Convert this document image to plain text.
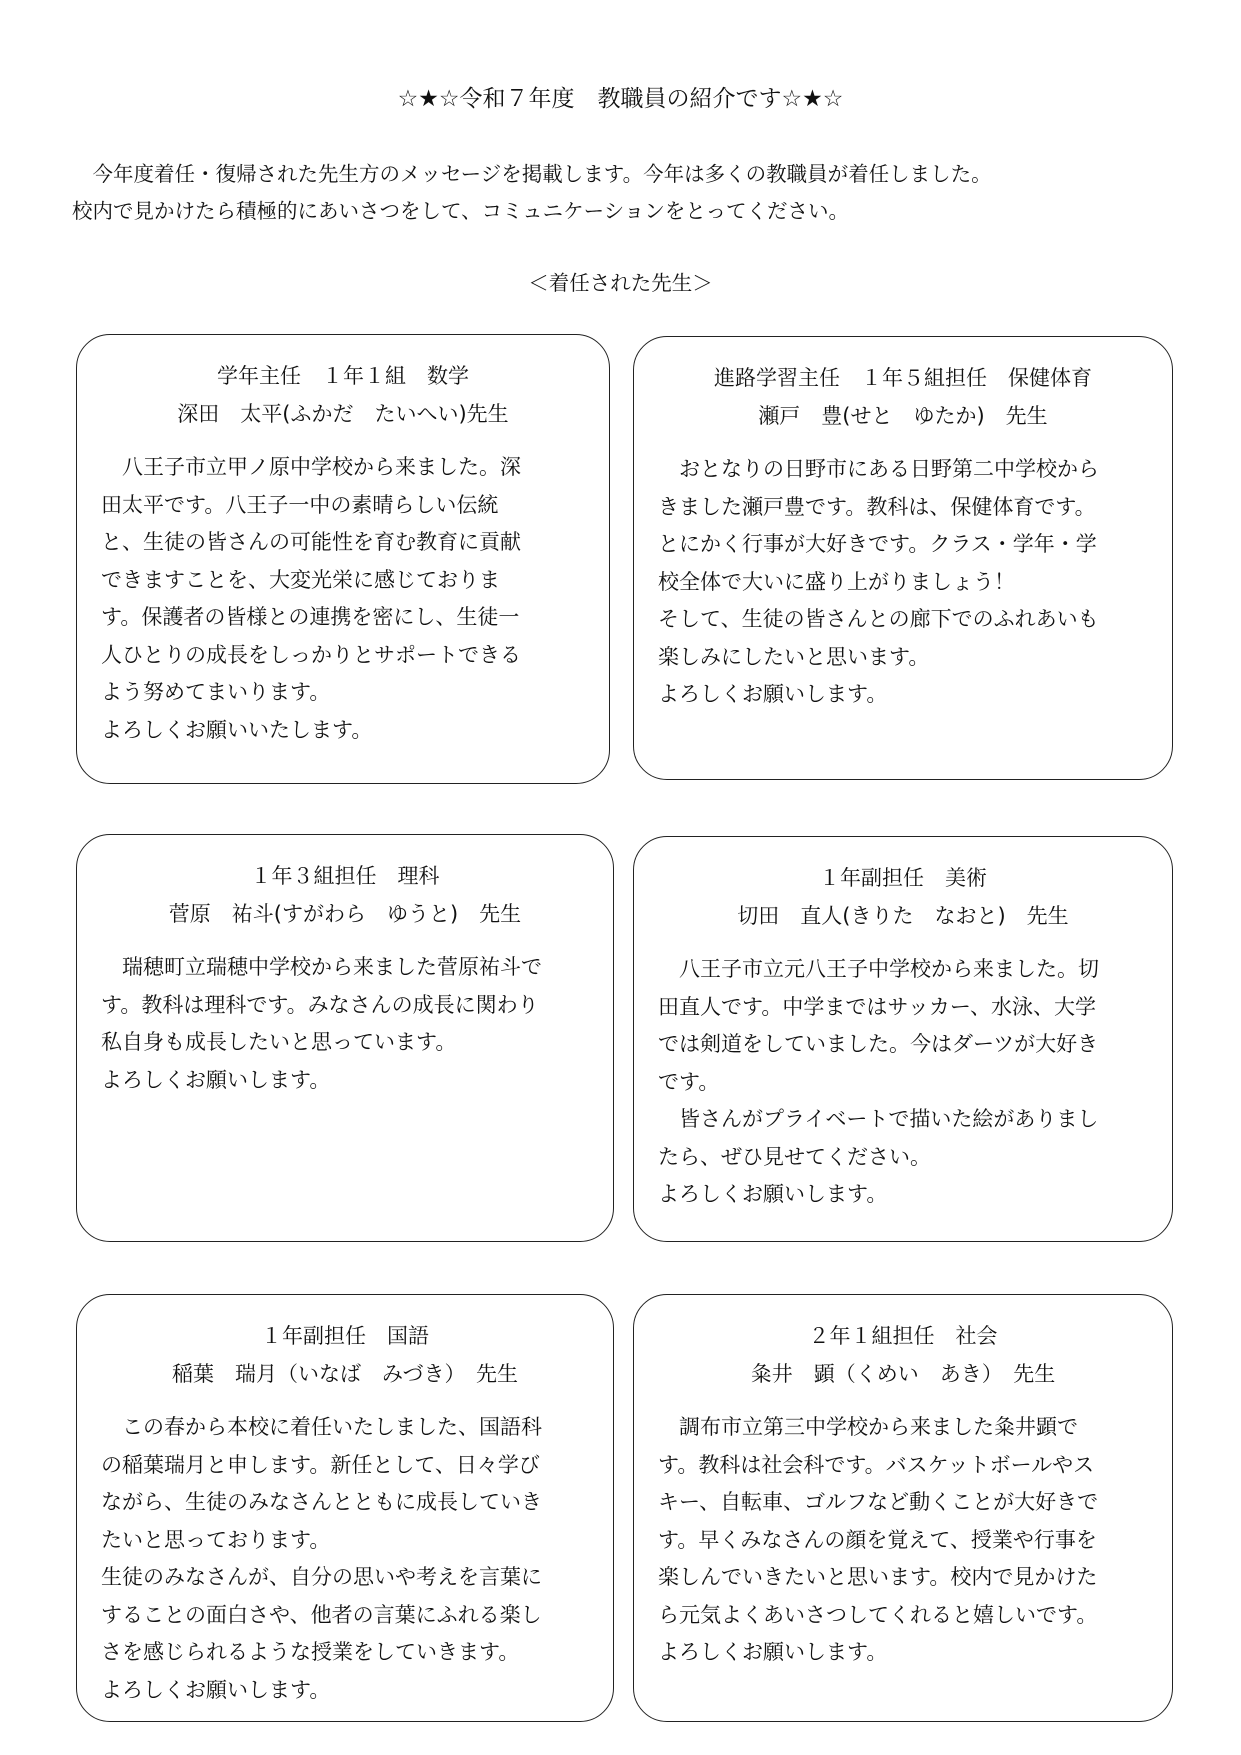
☆★☆令和７年度　教職員の紹介です☆★☆
　今年度着任・復帰された先生方のメッセージを掲載します。今年は多くの教職員が着任しました。
校内で見かけたら積極的にあいさつをして、コミュニケーションをとってください。
＜着任された先生＞
学年主任　１年１組　数学
深田　太平(ふかだ　たいへい)先生
　八王子市立甲ノ原中学校から来ました。深
田太平です。八王子一中の素晴らしい伝統
と、生徒の皆さんの可能性を育む教育に貢献
できますことを、大変光栄に感じておりま
す。保護者の皆様との連携を密にし、生徒一
人ひとりの成長をしっかりとサポートできる
よう努めてまいります。
よろしくお願いいたします。
進路学習主任　１年５組担任　保健体育
瀬戸　豊(せと　ゆたか)　先生
　おとなりの日野市にある日野第二中学校から
きました瀬戸豊です。教科は、保健体育です。
とにかく行事が大好きです。クラス・学年・学
校全体で大いに盛り上がりましょう！
そして、生徒の皆さんとの廊下でのふれあいも
楽しみにしたいと思います。
よろしくお願いします。
１年３組担任　理科
菅原　祐斗(すがわら　ゆうと)　先生
　瑞穂町立瑞穂中学校から来ました菅原祐斗で
す。教科は理科です。みなさんの成長に関わり
私自身も成長したいと思っています。
よろしくお願いします。
１年副担任　美術
切田　直人(きりた　なおと)　先生
　八王子市立元八王子中学校から来ました。切
田直人です。中学まではサッカー、水泳、大学
では剣道をしていました。今はダーツが大好き
です。
　皆さんがプライベートで描いた絵がありまし
たら、ぜひ見せてください。
よろしくお願いします。
１年副担任　国語
稲葉　瑞月（いなば　みづき）　先生
　この春から本校に着任いたしました、国語科
の稲葉瑞月と申します。新任として、日々学び
ながら、生徒のみなさんとともに成長していき
たいと思っております。
生徒のみなさんが、自分の思いや考えを言葉に
することの面白さや、他者の言葉にふれる楽し
さを感じられるような授業をしていきます。
よろしくお願いします。
２年１組担任　社会
粂井　顕（くめい　あき）　先生
　調布市立第三中学校から来ました粂井顕で
す。教科は社会科です。バスケットボールやス
キー、自転車、ゴルフなど動くことが大好きで
す。早くみなさんの顔を覚えて、授業や行事を
楽しんでいきたいと思います。校内で見かけた
ら元気よくあいさつしてくれると嬉しいです。
よろしくお願いします。
